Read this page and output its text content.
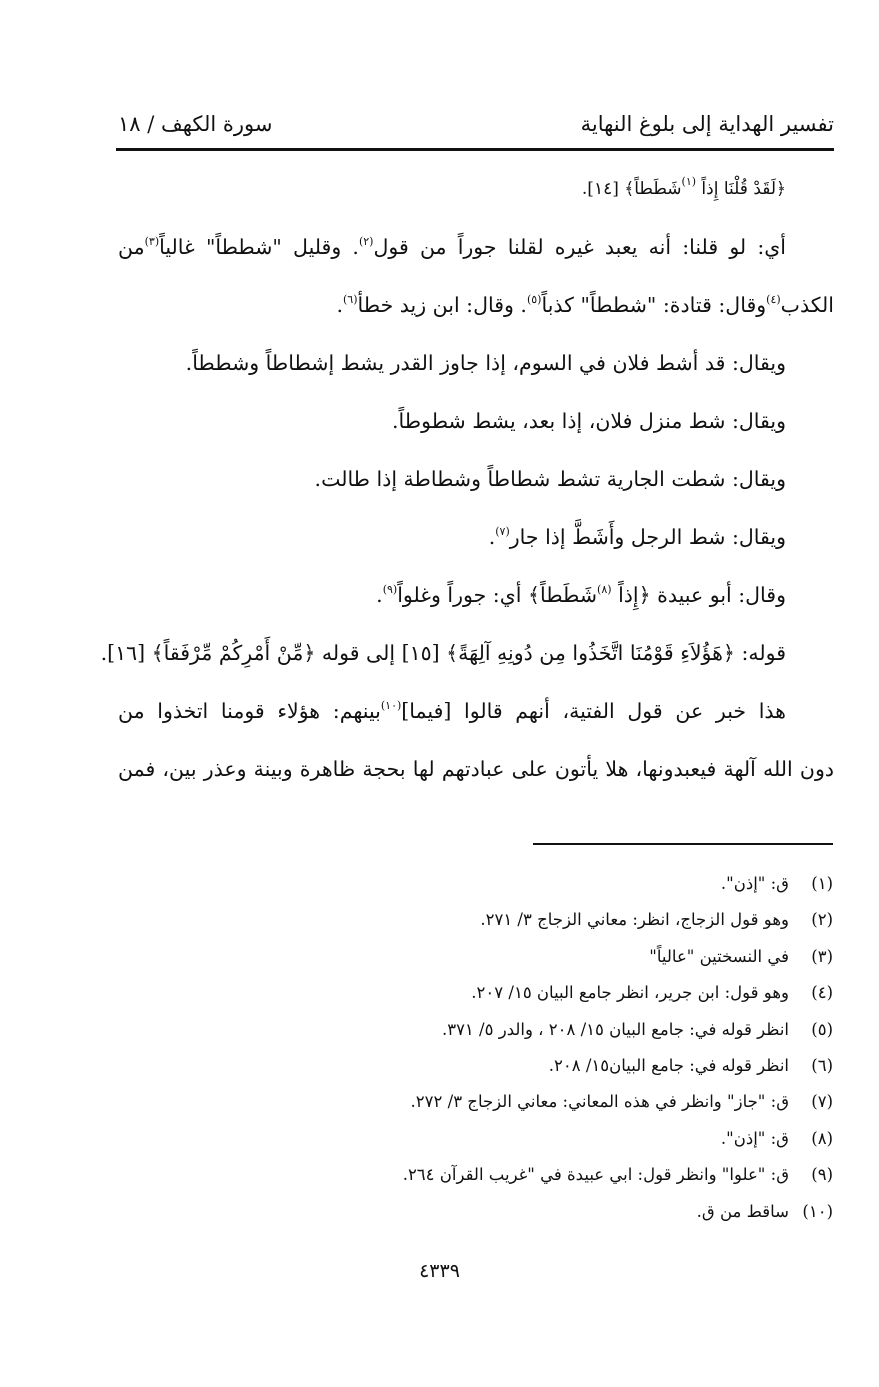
تفسير الهداية إلى بلوغ النهاية
سورة الكهف / ١٨
﴿لَقَدْ قُلْنَا إِذاً $^{(١)}$شَطَطاً﴾ [١٤].
أي: لو قلنا: أنه يعبد غيره لقلنا جوراً من قول$^{(٢)}$. وقليل "شططاً" غالياً$^{(٣)}$من
الكذب$^{(٤)}$وقال: قتادة: "شططاً" كذباً$^{(٥)}$. وقال: ابن زيد خطأ$^{(٦)}$.
ويقال: قد أشط فلان في السوم، إذا جاوز القدر يشط إشطاطاً وشططاً.
ويقال: شط منزل فلان، إذا بعد، يشط شطوطاً.
ويقال: شطت الجارية تشط شطاطاً وشطاطة إذا طالت.
ويقال: شط الرجل وأَشَطَّ إذا جار$^{(٧)}$.
وقال: أبو عبيدة ﴿إِذاً $^{(٨)}$شَطَطاً﴾ أي: جوراً وغلواً$^{(٩)}$.
قوله: ﴿هَؤُلاَءِ قَوْمُنَا اتَّخَذُوا مِن دُونِهِ آلِهَةً﴾ [١٥] إلى قوله ﴿مِّنْ أَمْرِكُمْ مِّرْفَقاً﴾ [١٦].
هذا خبر عن قول الفتية، أنهم قالوا [فيما]$^{(١٠)}$بينهم: هؤلاء قومنا اتخذوا من
دون الله آلهة فيعبدونها، هلا يأتون على عبادتهم لها بحجة ظاهرة وبينة وعذر بين، فمن
(١)
ق: "إذن".
(٢)
وهو قول الزجاج، انظر: معاني الزجاج ٣/ ٢٧١.
(٣)
في النسختين "عالياً"
(٤)
وهو قول: ابن جرير، انظر جامع البيان ١٥/ ٢٠٧.
(٥)
انظر قوله في: جامع البيان ١٥/ ٢٠٨ ، والدر ٥/ ٣٧١.
(٦)
انظر قوله في: جامع البيان١٥/ ٢٠٨.
(٧)
ق: "جاز" وانظر في هذه المعاني: معاني الزجاج ٣/ ٢٧٢.
(٨)
ق: "إذن".
(٩)
ق: "علوا" وانظر قول: ابي عبيدة في "غريب القرآن ٢٦٤.
(١٠)
ساقط من ق.
٤٣٣٩
